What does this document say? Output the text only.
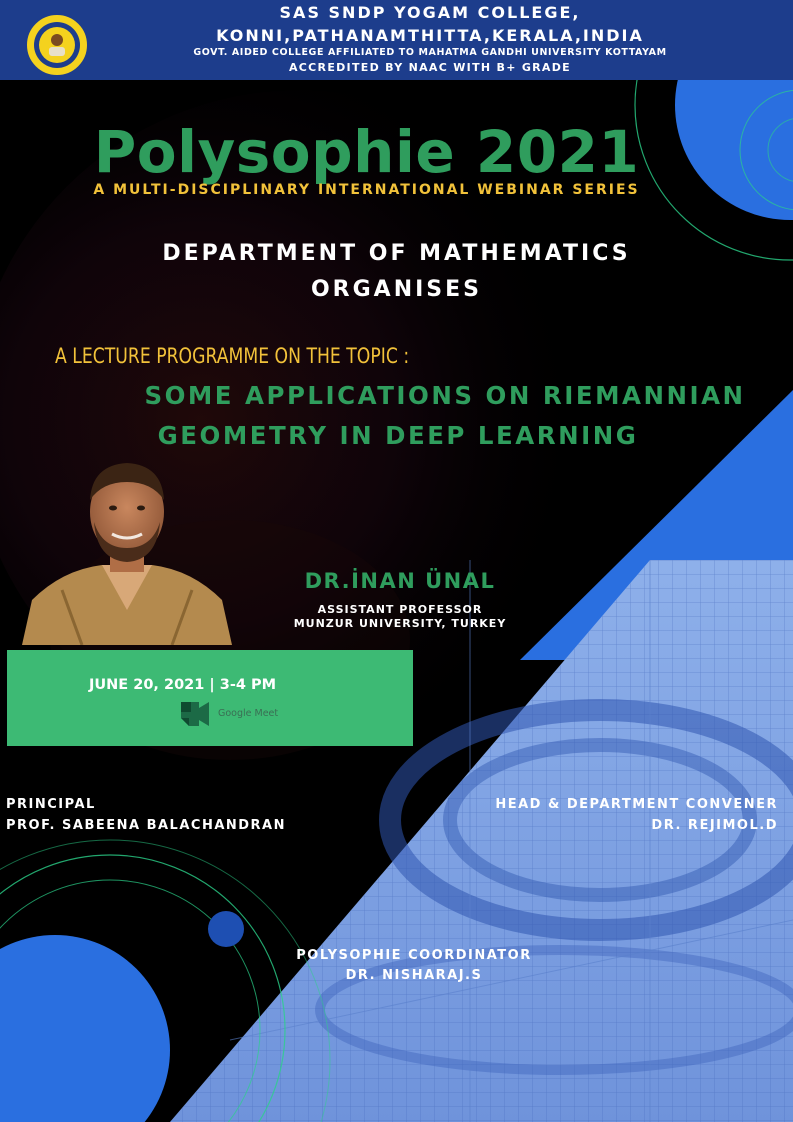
SAS SNDP YOGAM COLLEGE,
KONNI,PATHANAMTHITTA,KERALA,INDIA
GOVT. AIDED COLLEGE AFFILIATED TO MAHATMA GANDHI UNIVERSITY KOTTAYAM
ACCREDITED BY NAAC WITH B+ GRADE
Polysophie 2021
A MULTI-DISCIPLINARY INTERNATIONAL WEBINAR SERIES
DEPARTMENT OF MATHEMATICS
ORGANISES
A LECTURE PROGRAMME ON THE TOPIC :
SOME APPLICATIONS ON RIEMANNIAN
GEOMETRY IN DEEP LEARNING
DR.İNAN ÜNAL
ASSISTANT PROFESSOR
MUNZUR UNIVERSITY, TURKEY
JUNE 20, 2021 | 3-4 PM
Google Meet
PRINCIPAL
PROF. SABEENA BALACHANDRAN
HEAD & DEPARTMENT CONVENER
DR. REJIMOL.D
POLYSOPHIE COORDINATOR
DR. NISHARAJ.S
